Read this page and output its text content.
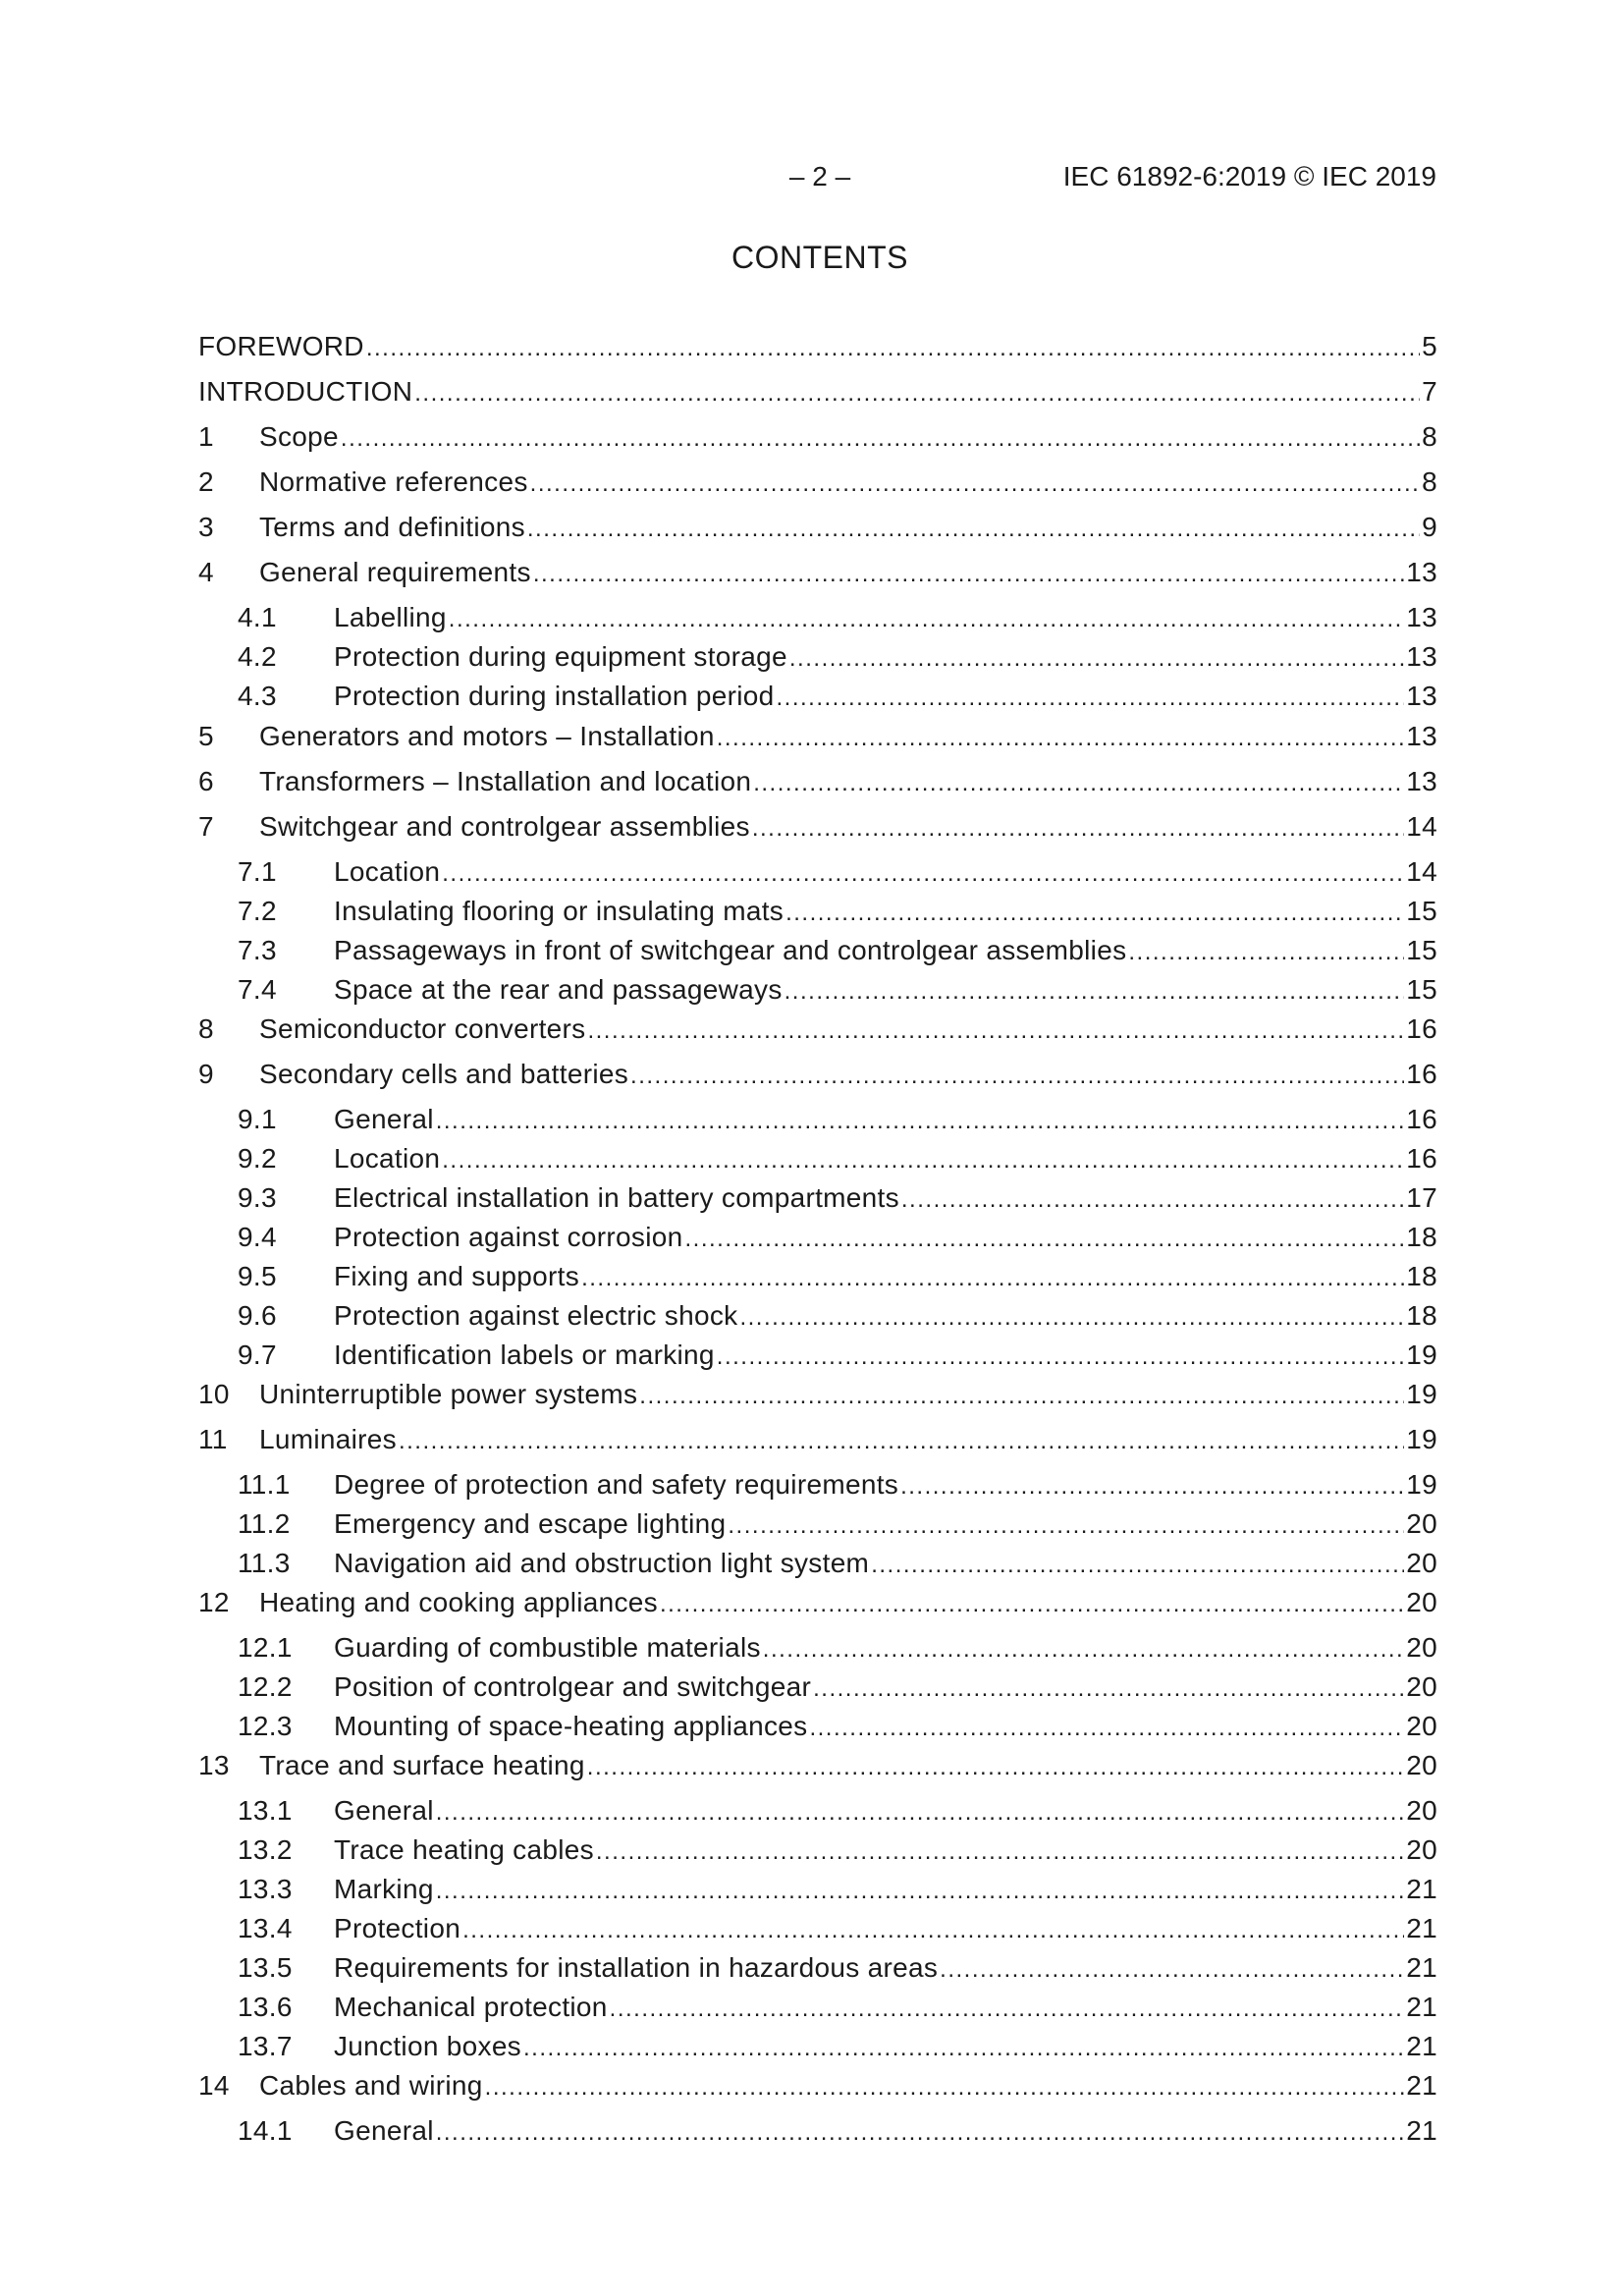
– 2 –	IEC 61892-6:2019 © IEC 2019
CONTENTS
FOREWORD .....	5
INTRODUCTION .....	7
1	Scope .....	8
2	Normative references .....	8
3	Terms and definitions .....	9
4	General requirements .....	13
4.1	Labelling .....	13
4.2	Protection during equipment storage .....	13
4.3	Protection during installation period .....	13
5	Generators and motors – Installation .....	13
6	Transformers – Installation and location .....	13
7	Switchgear and controlgear assemblies .....	14
7.1	Location .....	14
7.2	Insulating flooring or insulating mats .....	15
7.3	Passageways in front of switchgear and controlgear assemblies .....	15
7.4	Space at the rear and passageways .....	15
8	Semiconductor converters .....	16
9	Secondary cells and batteries .....	16
9.1	General .....	16
9.2	Location .....	16
9.3	Electrical installation in battery compartments .....	17
9.4	Protection against corrosion .....	18
9.5	Fixing and supports .....	18
9.6	Protection against electric shock .....	18
9.7	Identification labels or marking .....	19
10	Uninterruptible power systems .....	19
11	Luminaires .....	19
11.1	Degree of protection and safety requirements .....	19
11.2	Emergency and escape lighting .....	20
11.3	Navigation aid and obstruction light system .....	20
12	Heating and cooking appliances .....	20
12.1	Guarding of combustible materials .....	20
12.2	Position of controlgear and switchgear .....	20
12.3	Mounting of space-heating appliances .....	20
13	Trace and surface heating .....	20
13.1	General .....	20
13.2	Trace heating cables .....	20
13.3	Marking .....	21
13.4	Protection .....	21
13.5	Requirements for installation in hazardous areas .....	21
13.6	Mechanical protection .....	21
13.7	Junction boxes .....	21
14	Cables and wiring .....	21
14.1	General .....	21
